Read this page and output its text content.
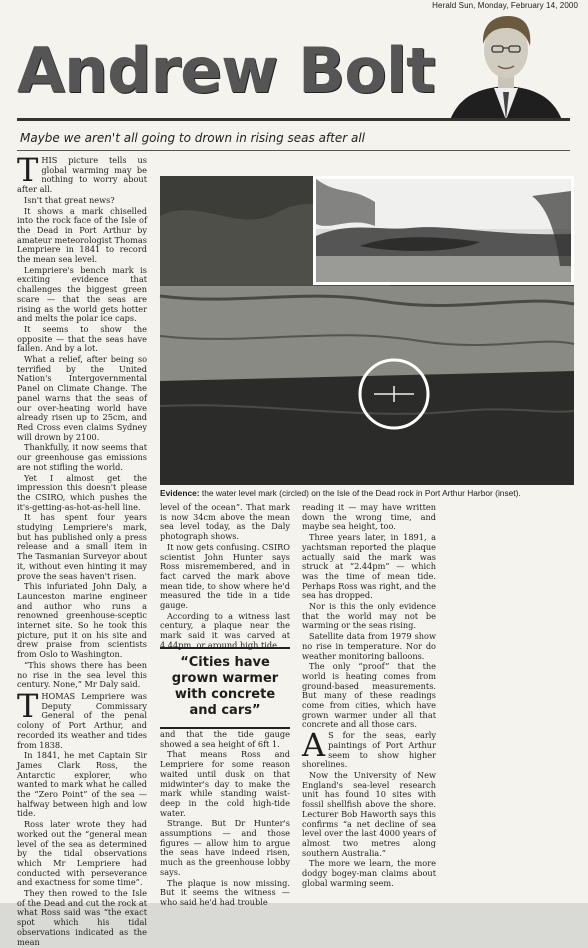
Herald Sun, Monday, February 14, 2000
Andrew Bolt
Maybe we aren't all going to drown in rising seas after all

THIS picture tells us global warming may be nothing to worry about after all.

Isn't that great news?

It shows a mark chiselled into the rock face of the Isle of the Dead in Port Arthur by amateur meteorologist Thomas Lempriere in 1841 to record the mean sea level.

Lempriere's bench mark is exciting evidence that challenges the biggest green scare — that the seas are rising as the world gets hotter and melts the polar ice caps.

It seems to show the opposite — that the seas have fallen. And by a lot.

What a relief, after being so terrified by the United Nation's Intergovernmental Panel on Climate Change. The panel warns that the seas of our over-heating world have already risen up to 25cm, and Red Cross even claims Sydney will drown by 2100.

Thankfully, it now seems that our greenhouse gas emissions are not stifling the world.

Yet I almost get the impression this doesn't please the CSIRO, which pushes the it's-getting-as-hot-as-hell line.

It has spent four years studying Lempriere's mark, but has published only a press release and a small item in The Tasmanian Surveyor about it, without even hinting it may prove the seas haven't risen.

This infuriated John Daly, a Launceston marine engineer and author who runs a renowned greenhouse-sceptic internet site. So he took this picture, put it on his site and drew praise from scientists from Oslo to Washington.

“This shows there has been no rise in the sea level this century. None,” Mr Daly said.

THOMAS Lempriere was Deputy Commissary General of the penal colony of Port Arthur, and recorded its weather and tides from 1838.

In 1841, he met Captain Sir James Clark Ross, the Antarctic explorer, who wanted to mark what he called the “Zero Point” of the sea — halfway between high and low tide.

Ross later wrote they had worked out the “general mean level of the sea as determined by the tidal observations which Mr Lempriere had conducted with perseverance and exactness for some time”.

They then rowed to the Isle of the Dead and cut the rock at what Ross said was “the exact spot which his tidal observations indicated as the mean

Evidence: the water level mark (circled) on the Isle of the Dead rock in Port Arthur Harbor (inset).

level of the ocean”. That mark is now 34cm above the mean sea level today, as the Daly photograph shows.

It now gets confusing. CSIRO scientist John Hunter says Ross misremembered, and in fact carved the mark above mean tide, to show where he'd measured the tide in a tide gauge.

According to a witness last century, a plaque near the mark said it was carved at 4.44pm, or around high tide,

“Cities have grown warmer with concrete and cars”

and that the tide gauge showed a sea height of 6ft 1.

That means Ross and Lempriere for some reason waited until dusk on that midwinter's day to make the mark while standing waist-deep in the cold high-tide water.

Strange. But Dr Hunter's assumptions — and those figures — allow him to argue the seas have indeed risen, much as the greenhouse lobby says.

The plaque is now missing. But it seems the witness — who said he'd had trouble

reading it — may have written down the wrong time, and maybe sea height, too.

Three years later, in 1891, a yachtsman reported the plaque actually said the mark was struck at “2.44pm” — which was the time of mean tide. Perhaps Ross was right, and the sea has dropped.

Nor is this the only evidence that the world may not be warming or the seas rising.

Satellite data from 1979 show no rise in temperature. Nor do weather monitoring balloons.

The only “proof” that the world is heating comes from ground-based measurements. But many of these readings come from cities, which have grown warmer under all that concrete and all those cars.

A S for the seas, early paintings of Port Arthur seem to show higher shorelines.

Now the University of New England's sea-level research unit has found 10 sites with fossil shellfish above the shore. Lecturer Bob Haworth says this confirms “a net decline of sea level over the last 4000 years of almost two metres along southern Australia.”

The more we learn, the more dodgy bogey-man claims about global warming seem.
